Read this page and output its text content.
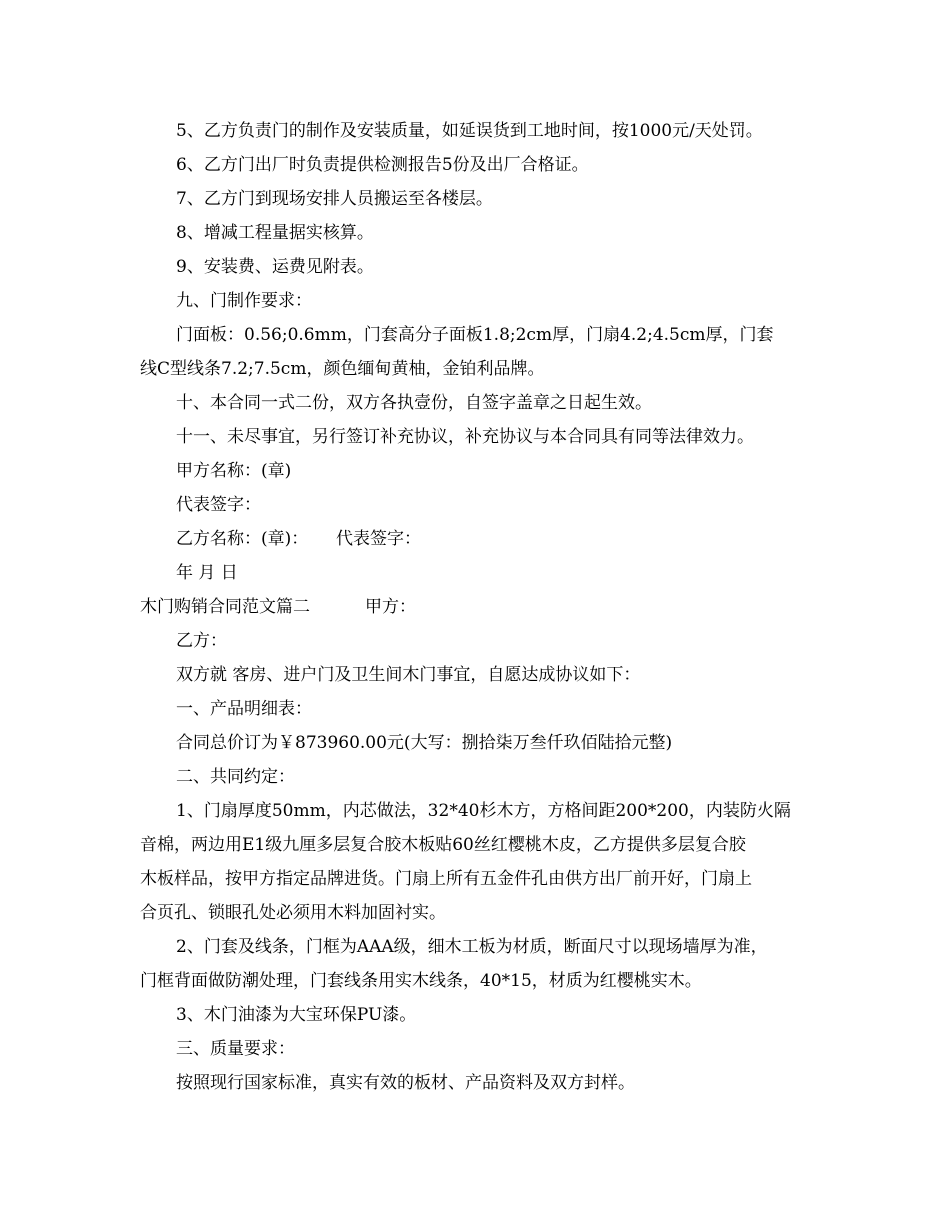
5、乙方负责门的制作及安装质量，如延误货到工地时间，按1000元/天处罚。
6、乙方门出厂时负责提供检测报告5份及出厂合格证。
7、乙方门到现场安排人员搬运至各楼层。
8、增减工程量据实核算。
9、安装费、运费见附表。
九、门制作要求：
门面板：0.56;0.6mm，门套高分子面板1.8;2cm厚，门扇4.2;4.5cm厚，门套
线C型线条7.2;7.5cm，颜色缅甸黄柚，金铂利品牌。
十、本合同一式二份，双方各执壹份，自签字盖章之日起生效。
十一、未尽事宜，另行签订补充协议，补充协议与本合同具有同等法律效力。
甲方名称：(章)
代表签字：
乙方名称：(章)： 代表签字：
年 月 日
木门购销合同范文篇二	甲方：
乙方：
双方就 客房、进户门及卫生间木门事宜，自愿达成协议如下：
一、产品明细表：
合同总价订为￥873960.00元(大写：捌拾柒万叁仟玖佰陆拾元整)
二、共同约定：
1、门扇厚度50mm，内芯做法，32*40杉木方，方格间距200*200，内装防火隔
音棉，两边用E1级九厘多层复合胶木板贴60丝红樱桃木皮，乙方提供多层复合胶
木板样品，按甲方指定品牌进货。门扇上所有五金件孔由供方出厂前开好，门扇上
合页孔、锁眼孔处必须用木料加固衬实。
2、门套及线条，门框为AAA级，细木工板为材质，断面尺寸以现场墙厚为准，
门框背面做防潮处理，门套线条用实木线条，40*15，材质为红樱桃实木。
3、木门油漆为大宝环保PU漆。
三、质量要求：
按照现行国家标准，真实有效的板材、产品资料及双方封样。
